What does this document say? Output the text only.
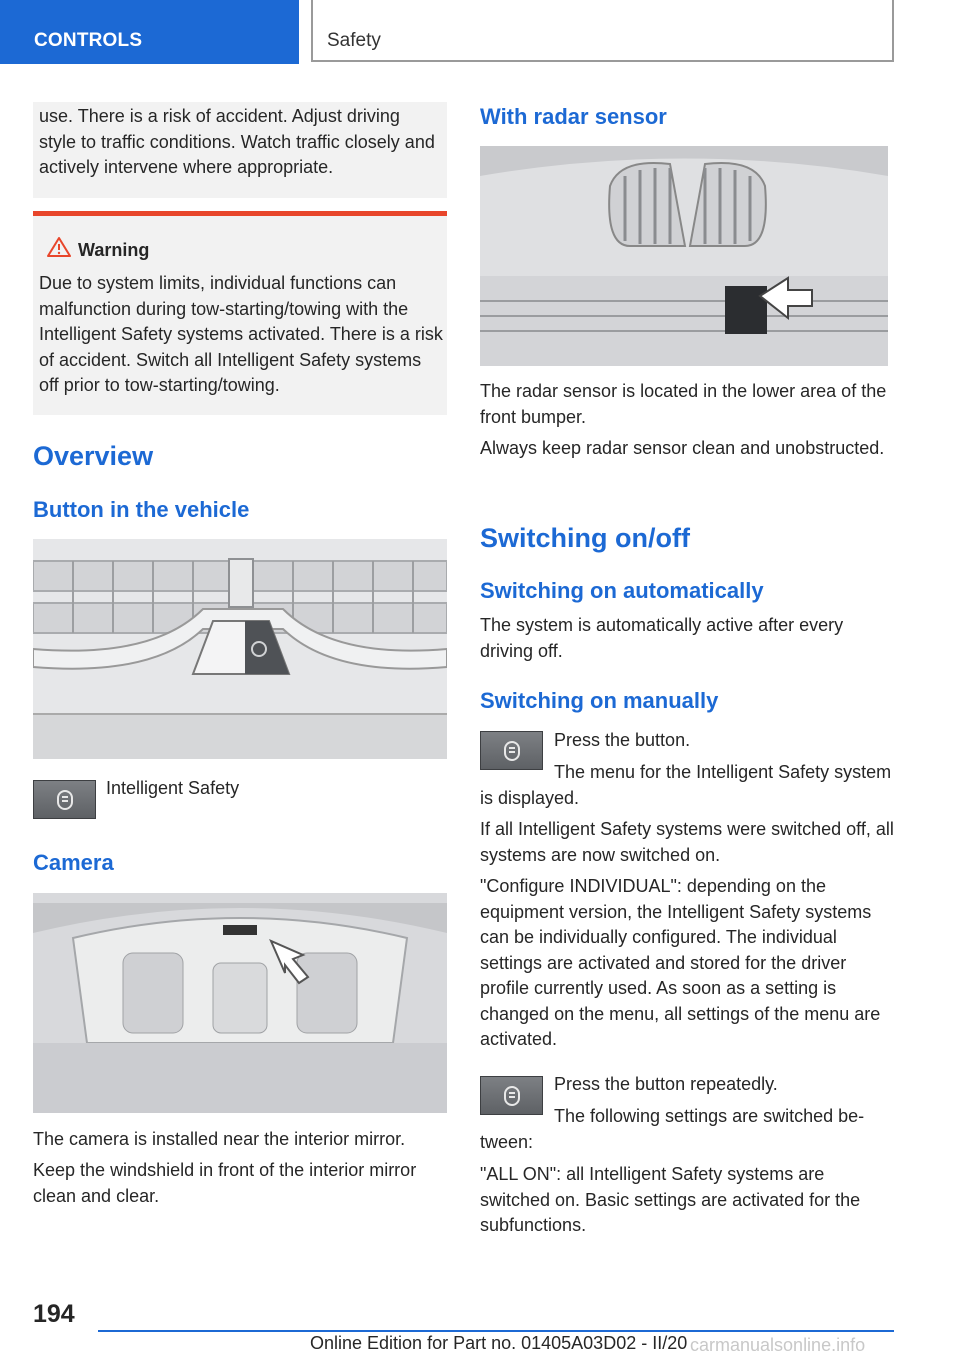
CONTROLS	Safety

use. There is a risk of accident. Adjust driving style to traffic conditions. Watch traffic closely and actively intervene where appropriate.

Warning

Due to system limits, individual functions can malfunction during tow-starting/towing with the Intelligent Safety systems activated. There is a risk of accident. Switch all Intelligent Safety systems off prior to tow-starting/towing.

Overview
Button in the vehicle

Intelligent Safety

Camera

The camera is installed near the interior mirror.

Keep the windshield in front of the interior mirror clean and clear.

With radar sensor

The radar sensor is located in the lower area of the front bumper.

Always keep radar sensor clean and unobstructed.

Switching on/off
Switching on automatically

The system is automatically active after every driving off.

Switching on manually

Press the button.

The menu for the Intelligent Safety system is displayed.

If all Intelligent Safety systems were switched off, all systems are now switched on.

"Configure INDIVIDUAL": depending on the equipment version, the Intelligent Safety systems can be individually configured. The individual settings are activated and stored for the driver profile currently used. As soon as a setting is changed on the menu, all settings of the menu are activated.

Press the button repeatedly.

The following settings are switched between:

"ALL ON": all Intelligent Safety systems are switched on. Basic settings are activated for the subfunctions.

194
Online Edition for Part no. 01405A03D02 - II/20 carmanualsonline.info
